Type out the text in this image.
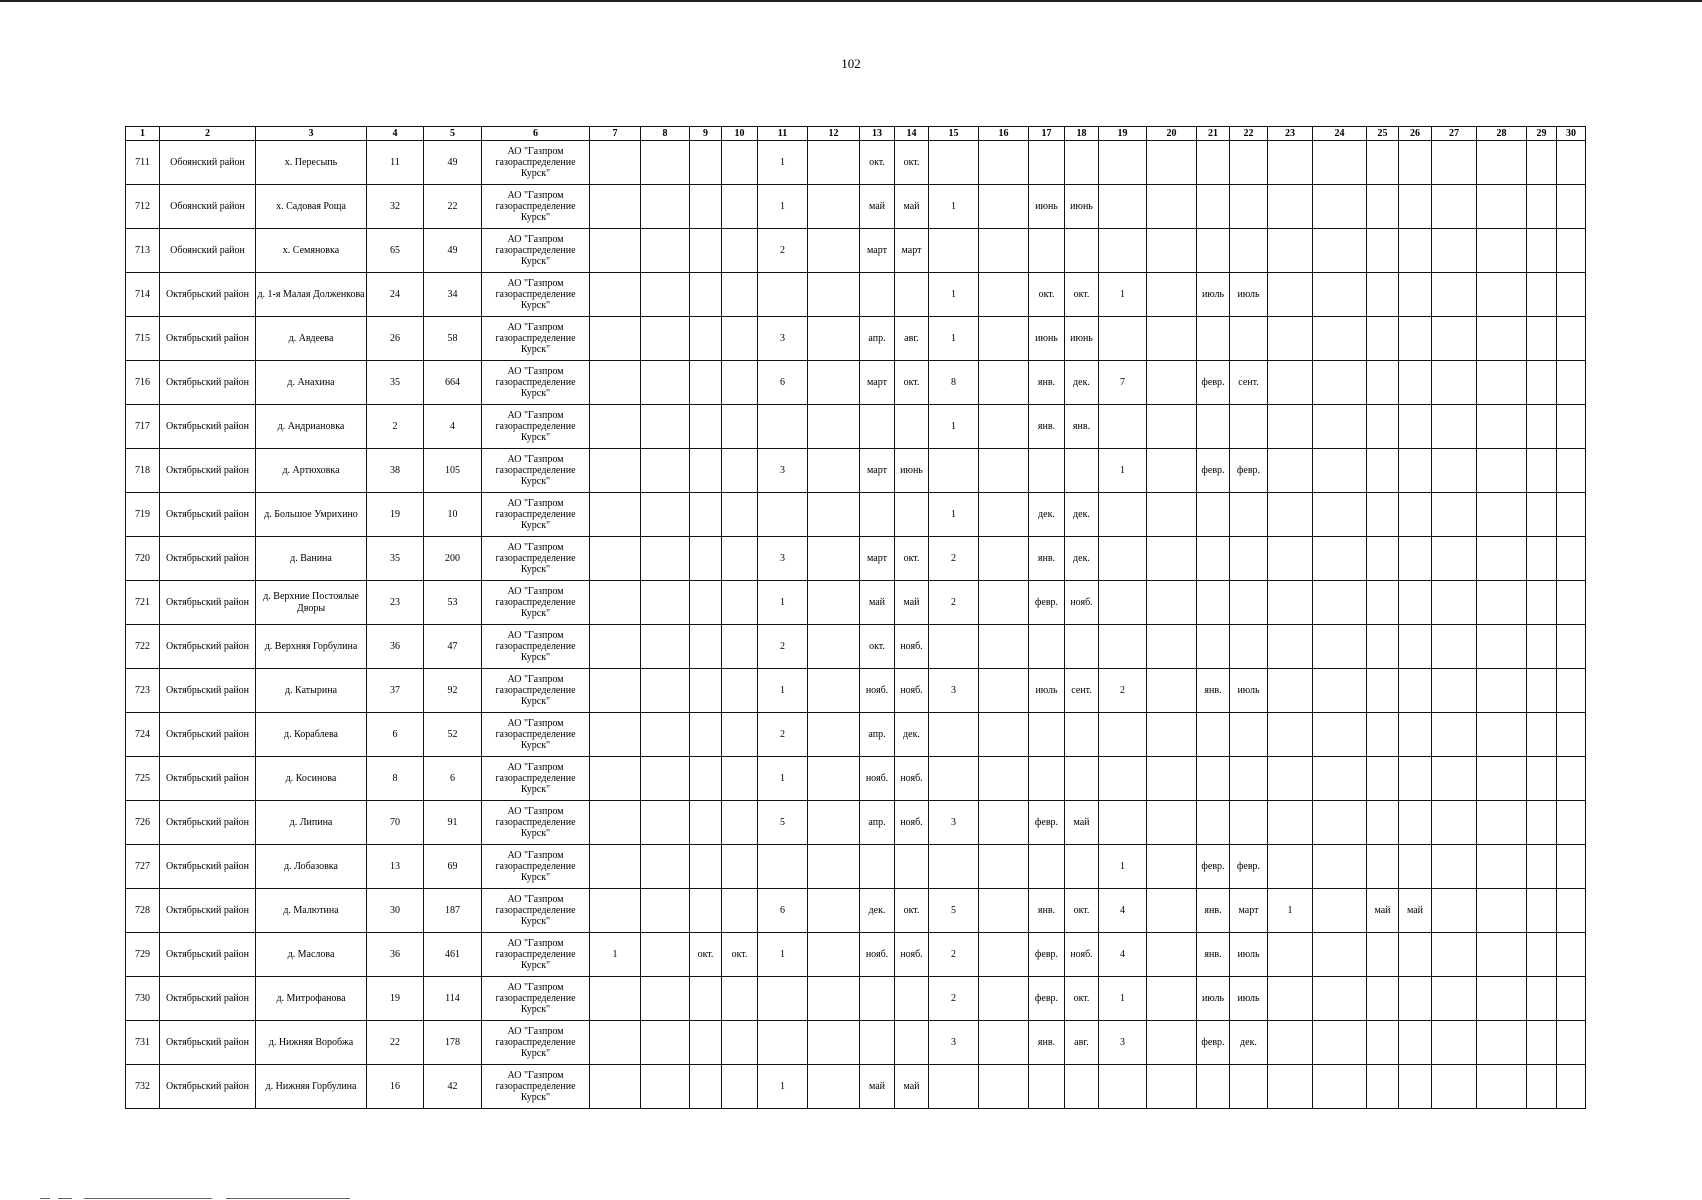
102
1	2	3	4	5	6	7	8	9	10	11	12	13	14	15	16	17	18	19	20	21	22	23	24	25	26	27	28	29	30
711	Обоянский район	х. Пересыпь	11	49	АО "Газпром газораспределение Курск"					1		окт.	окт.																
712	Обоянский район	х. Садовая Роща	32	22	АО "Газпром газораспределение Курск"					1		май	май	1		июнь	июнь												
713	Обоянский район	х. Семяновка	65	49	АО "Газпром газораспределение Курск"					2		март	март																
714	Октябрьский район	д. 1-я Малая Долженкова	24	34	АО "Газпром газораспределение Курск"									1		окт.	окт.	1		июль	июль								
715	Октябрьский район	д. Авдеева	26	58	АО "Газпром газораспределение Курск"					3		апр.	авг.	1		июнь	июнь												
716	Октябрьский район	д. Анахина	35	664	АО "Газпром газораспределение Курск"					6		март	окт.	8		янв.	дек.	7		февр.	сент.								
717	Октябрьский район	д. Андриановка	2	4	АО "Газпром газораспределение Курск"									1		янв.	янв.												
718	Октябрьский район	д. Артюховка	38	105	АО "Газпром газораспределение Курск"					3		март	июнь					1		февр.	февр.								
719	Октябрьский район	д. Большое Умрихино	19	10	АО "Газпром газораспределение Курск"									1		дек.	дек.												
720	Октябрьский район	д. Ванина	35	200	АО "Газпром газораспределение Курск"					3		март	окт.	2		янв.	дек.												
721	Октябрьский район	д. Верхние Постоялые Дворы	23	53	АО "Газпром газораспределение Курск"					1		май	май	2		февр.	нояб.												
722	Октябрьский район	д. Верхняя Горбулина	36	47	АО "Газпром газораспределение Курск"					2		окт.	нояб.																
723	Октябрьский район	д. Катырина	37	92	АО "Газпром газораспределение Курск"					1		нояб.	нояб.	3		июль	сент.	2		янв.	июль								
724	Октябрьский район	д. Кораблева	6	52	АО "Газпром газораспределение Курск"					2		апр.	дек.																
725	Октябрьский район	д. Косинова	8	6	АО "Газпром газораспределение Курск"					1		нояб.	нояб.																
726	Октябрьский район	д. Липина	70	91	АО "Газпром газораспределение Курск"					5		апр.	нояб.	3		февр.	май												
727	Октябрьский район	д. Лобазовка	13	69	АО "Газпром газораспределение Курск"													1		февр.	февр.								
728	Октябрьский район	д. Малютина	30	187	АО "Газпром газораспределение Курск"					6		дек.	окт.	5		янв.	окт.	4		янв.	март	1		май	май				
729	Октябрьский район	д. Маслова	36	461	АО "Газпром газораспределение Курск"	1		окт.	окт.	1		нояб.	нояб.	2		февр.	нояб.	4		янв.	июль								
730	Октябрьский район	д. Митрофанова	19	114	АО "Газпром газораспределение Курск"									2		февр.	окт.	1		июль	июль								
731	Октябрьский район	д. Нижняя Воробжа	22	178	АО "Газпром газораспределение Курск"									3		янв.	авг.	3		февр.	дек.								
732	Октябрьский район	д. Нижняя Горбулина	16	42	АО "Газпром газораспределение Курск"					1		май	май																
